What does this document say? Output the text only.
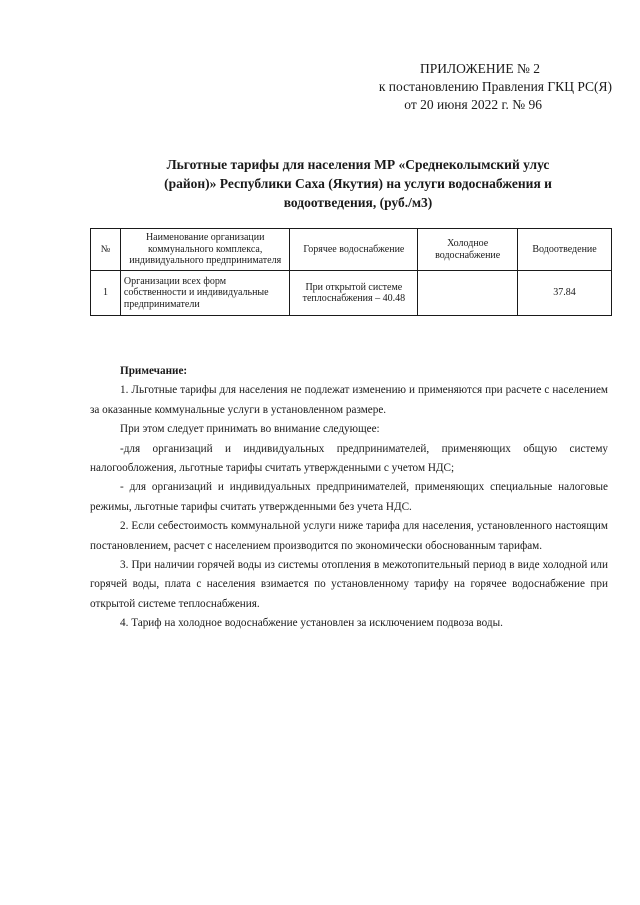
ПРИЛОЖЕНИЕ № 2
к постановлению Правления ГКЦ РС(Я)
от 20 июня 2022 г. № 96
Льготные тарифы для населения МР «Среднеколымский улус
(район)» Республики Саха (Якутия) на услуги водоснабжения и
водоотведения, (руб./м3)
№	Наименование организации коммунального комплекса, индивидуального предпринимателя	Горячее водоснабжение	Холодное водоснабжение	Водоотведение
1	Организации всех форм собственности и индивидуальные предприниматели	При открытой системе теплоснабжения – 40.48		37.84

Примечание:

1. Льготные тарифы для населения не подлежат изменению и применяются при расчете с населением за оказанные коммунальные услуги в установленном размере.

При этом следует принимать во внимание следующее:

-для организаций и индивидуальных предпринимателей, применяющих общую систему налогообложения, льготные тарифы считать утвержденными с учетом НДС;

- для организаций и индивидуальных предпринимателей, применяющих специальные налоговые режимы, льготные тарифы считать утвержденными без учета НДС.

2. Если себестоимость коммунальной услуги ниже тарифа для населения, установленного настоящим постановлением, расчет с населением производится по экономически обоснованным тарифам.

3. При наличии горячей воды из системы отопления в межотопительный период в виде холодной или горячей воды, плата с населения взимается по установленному тарифу на горячее водоснабжение при открытой системе теплоснабжения.

4. Тариф на холодное водоснабжение установлен за исключением подвоза воды.
